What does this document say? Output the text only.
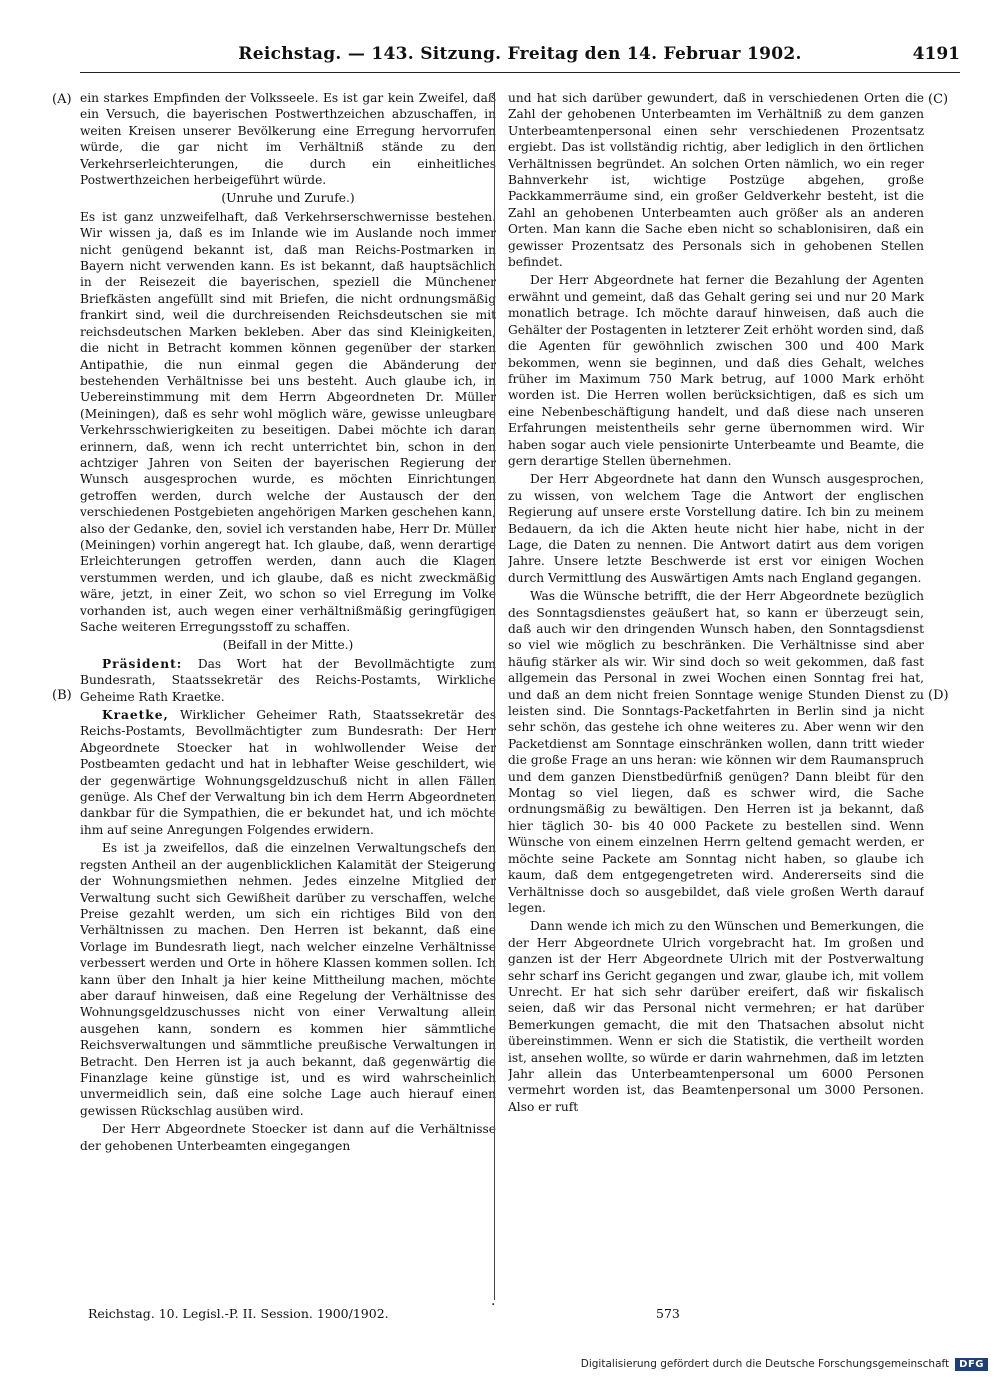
Reichstag. — 143. Sitzung. Freitag den 14. Februar 1902.	4191
(A)
(B)
(C)
(D)

ein starkes Empfinden der Volksseele. Es ist gar kein Zweifel, daß ein Versuch, die bayerischen Postwerthzeichen abzuschaffen, in weiten Kreisen unserer Bevölkerung eine Erregung hervorrufen würde, die gar nicht im Verhältniß stände zu den Verkehrserleichterungen, die durch ein einheitliches Postwerthzeichen herbeigeführt würde.

(Unruhe und Zurufe.)

Es ist ganz unzweifelhaft, daß Verkehrserschwernisse bestehen. Wir wissen ja, daß es im Inlande wie im Auslande noch immer nicht genügend bekannt ist, daß man Reichs-Postmarken in Bayern nicht verwenden kann. Es ist bekannt, daß hauptsächlich in der Reisezeit die bayerischen, speziell die Münchener Briefkästen angefüllt sind mit Briefen, die nicht ordnungsmäßig frankirt sind, weil die durchreisenden Reichsdeutschen sie mit reichsdeutschen Marken bekleben. Aber das sind Kleinigkeiten, die nicht in Betracht kommen können gegenüber der starken Antipathie, die nun einmal gegen die Abänderung der bestehenden Verhältnisse bei uns besteht. Auch glaube ich, in Uebereinstimmung mit dem Herrn Abgeordneten Dr. Müller (Meiningen), daß es sehr wohl möglich wäre, gewisse unleugbare Verkehrsschwierigkeiten zu beseitigen. Dabei möchte ich daran erinnern, daß, wenn ich recht unterrichtet bin, schon in den achtziger Jahren von Seiten der bayerischen Regierung der Wunsch ausgesprochen wurde, es möchten Einrichtungen getroffen werden, durch welche der Austausch der den verschiedenen Postgebieten angehörigen Marken geschehen kann, also der Gedanke, den, soviel ich verstanden habe, Herr Dr. Müller (Meiningen) vorhin angeregt hat. Ich glaube, daß, wenn derartige Erleichterungen getroffen werden, dann auch die Klagen verstummen werden, und ich glaube, daß es nicht zweckmäßig wäre, jetzt, in einer Zeit, wo schon so viel Erregung im Volke vorhanden ist, auch wegen einer verhältnißmäßig geringfügigen Sache weiteren Erregungsstoff zu schaffen.

(Beifall in der Mitte.)

Präsident: Das Wort hat der Bevollmächtigte zum Bundesrath, Staatssekretär des Reichs-Postamts, Wirkliche Geheime Rath Kraetke.

Kraetke, Wirklicher Geheimer Rath, Staatssekretär des Reichs-Postamts, Bevollmächtigter zum Bundesrath: Der Herr Abgeordnete Stoecker hat in wohlwollender Weise der Postbeamten gedacht und hat in lebhafter Weise geschildert, wie der gegenwärtige Wohnungsgeldzuschuß nicht in allen Fällen genüge. Als Chef der Verwaltung bin ich dem Herrn Abgeordneten dankbar für die Sympathien, die er bekundet hat, und ich möchte ihm auf seine Anregungen Folgendes erwidern.

Es ist ja zweifellos, daß die einzelnen Verwaltungschefs den regsten Antheil an der augenblicklichen Kalamität der Steigerung der Wohnungsmiethen nehmen. Jedes einzelne Mitglied der Verwaltung sucht sich Gewißheit darüber zu verschaffen, welche Preise gezahlt werden, um sich ein richtiges Bild von den Verhältnissen zu machen. Den Herren ist bekannt, daß eine Vorlage im Bundesrath liegt, nach welcher einzelne Verhältnisse verbessert werden und Orte in höhere Klassen kommen sollen. Ich kann über den Inhalt ja hier keine Mittheilung machen, möchte aber darauf hinweisen, daß eine Regelung der Verhältnisse des Wohnungsgeldzuschusses nicht von einer Verwaltung allein ausgehen kann, sondern es kommen hier sämmtliche Reichsverwaltungen und sämmtliche preußische Verwaltungen in Betracht. Den Herren ist ja auch bekannt, daß gegenwärtig die Finanzlage keine günstige ist, und es wird wahrscheinlich unvermeidlich sein, daß eine solche Lage auch hierauf einen gewissen Rückschlag ausüben wird.

Der Herr Abgeordnete Stoecker ist dann auf die Verhältnisse der gehobenen Unterbeamten eingegangen

und hat sich darüber gewundert, daß in verschiedenen Orten die Zahl der gehobenen Unterbeamten im Verhältniß zu dem ganzen Unterbeamtenpersonal einen sehr verschiedenen Prozentsatz ergiebt. Das ist vollständig richtig, aber lediglich in den örtlichen Verhältnissen begründet. An solchen Orten nämlich, wo ein reger Bahnverkehr ist, wichtige Postzüge abgehen, große Packkammerräume sind, ein großer Geldverkehr besteht, ist die Zahl an gehobenen Unterbeamten auch größer als an anderen Orten. Man kann die Sache eben nicht so schablonisiren, daß ein gewisser Prozentsatz des Personals sich in gehobenen Stellen befindet.

Der Herr Abgeordnete hat ferner die Bezahlung der Agenten erwähnt und gemeint, daß das Gehalt gering sei und nur 20 Mark monatlich betrage. Ich möchte darauf hinweisen, daß auch die Gehälter der Postagenten in letzterer Zeit erhöht worden sind, daß die Agenten für gewöhnlich zwischen 300 und 400 Mark bekommen, wenn sie beginnen, und daß dies Gehalt, welches früher im Maximum 750 Mark betrug, auf 1000 Mark erhöht worden ist. Die Herren wollen berücksichtigen, daß es sich um eine Nebenbeschäftigung handelt, und daß diese nach unseren Erfahrungen meistentheils sehr gerne übernommen wird. Wir haben sogar auch viele pensionirte Unterbeamte und Beamte, die gern derartige Stellen übernehmen.

Der Herr Abgeordnete hat dann den Wunsch ausgesprochen, zu wissen, von welchem Tage die Antwort der englischen Regierung auf unsere erste Vorstellung datire. Ich bin zu meinem Bedauern, da ich die Akten heute nicht hier habe, nicht in der Lage, die Daten zu nennen. Die Antwort datirt aus dem vorigen Jahre. Unsere letzte Beschwerde ist erst vor einigen Wochen durch Vermittlung des Auswärtigen Amts nach England gegangen.

Was die Wünsche betrifft, die der Herr Abgeordnete bezüglich des Sonntagsdienstes geäußert hat, so kann er überzeugt sein, daß auch wir den dringenden Wunsch haben, den Sonntagsdienst so viel wie möglich zu beschränken. Die Verhältnisse sind aber häufig stärker als wir. Wir sind doch so weit gekommen, daß fast allgemein das Personal in zwei Wochen einen Sonntag frei hat, und daß an dem nicht freien Sonntage wenige Stunden Dienst zu leisten sind. Die Sonntags-Packetfahrten in Berlin sind ja nicht sehr schön, das gestehe ich ohne weiteres zu. Aber wenn wir den Packetdienst am Sonntage einschränken wollen, dann tritt wieder die große Frage an uns heran: wie können wir dem Raumanspruch und dem ganzen Dienstbedürfniß genügen? Dann bleibt für den Montag so viel liegen, daß es schwer wird, die Sache ordnungsmäßig zu bewältigen. Den Herren ist ja bekannt, daß hier täglich 30- bis 40 000 Packete zu bestellen sind. Wenn Wünsche von einem einzelnen Herrn geltend gemacht werden, er möchte seine Packete am Sonntag nicht haben, so glaube ich kaum, daß dem entgegengetreten wird. Andererseits sind die Verhältnisse doch so ausgebildet, daß viele großen Werth darauf legen.

Dann wende ich mich zu den Wünschen und Bemerkungen, die der Herr Abgeordnete Ulrich vorgebracht hat. Im großen und ganzen ist der Herr Abgeordnete Ulrich mit der Postverwaltung sehr scharf ins Gericht gegangen und zwar, glaube ich, mit vollem Unrecht. Er hat sich sehr darüber ereifert, daß wir fiskalisch seien, daß wir das Personal nicht vermehren; er hat darüber Bemerkungen gemacht, die mit den Thatsachen absolut nicht übereinstimmen. Wenn er sich die Statistik, die vertheilt worden ist, ansehen wollte, so würde er darin wahrnehmen, daß im letzten Jahr allein das Unterbeamtenpersonal um 6000 Personen vermehrt worden ist, das Beamtenpersonal um 3000 Personen. Also er ruft

Reichstag. 10. Legisl.-P. II. Session. 1900/1902.
·
573
Digitalisierung gefördert durch die Deutsche Forschungsgemeinschaft	DFG
